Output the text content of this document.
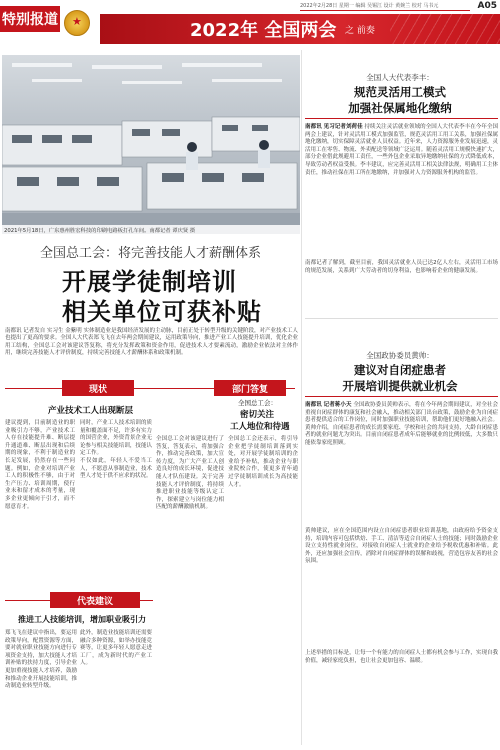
特别报道
2022年2月28日 星期一 编辑 吴锡江 设计 黄婉兰 校对 马书元	A05
2022年 全国两会 之 前奏
★
2021年5月18日，广东惠州胜宏科技的印刷电路板打孔车间。南都记者 谭庆贤 摄
全国总工会：将完善技能人才薪酬体系
开展学徒制培训
相关单位可获补贴
南都讯 记者发自 实习生 金紫明 实体制造业是我国经济发展的主动脉，目前正处于转型升级的关键阶段，对产业技术工人也提出了更高的要求。全国人大代表郑飞飞在去年两会期间建议，运用政策导向，推进产业工人技能提升培训，优化企业用工结构，全国总工会对该建议答复称，将充分发挥政策和资金作用，促进技术人才要素流动，激励企业依法对主体作用，继续完善技能人才评价制度，持续完善技能人才薪酬体系和政策机制。
现状	部门答复
产业技术工人出现断层
建议提到，目前制造业的职业吸引力不够，产业技术工人存在技能提升难、断层提升通道难、断层出现和后续期的现象，不利于制造业的长足发展，仍然存在一些问题。例如，企业对培训产业工人的积极性不够，由于对生产压力、培训周期，使行业未和留才成本的考量，现多企业更倾向于引才，而不愿意育才。
同时，产业工人技术培训的质量和覆盖面不足，许多有实力的国营企业，外资背景企业无论参与相关技能培训，技能认定工作。
不仅如此，年轻人不爱当工人，不愿意从事制造业，技术型人才处于供不应求的状况。
全国总工会：
密切关注
工人地位和待遇
全国总工会对该建议进行了答复，答复表示，将加强合作，推动完善政策，加大宣传力度，为广大产业工人创造良好的成长环境，促进技能人才队伍建设。关于完善技能人才评价制度，将持续推进职业技能等级认定工作，探索建立与岗位能力相匹配的薪酬激励机制。
全国总工会还表示，将引导企业把学徒制培训落到实处，对开展学徒制培训的企业给予补贴，推动企业与职业院校合作，使更多青年通过学徒制培训成长为高技能人才。
代表建议
推进工人技能培训，增加职业吸引力
郑飞飞在建议中指出，要运用政策导向，配置资源等方面，要对就业职业技能方向进行专项资金支持，加大技能人才培训补贴的扶持力度，引导企业更加重视技能人才培养，鼓励和推动企业开展技能培训，推动制造业转型升级。
此外，制造业技能培训还需要融合多种资源，如举办技能竞赛等，让更多年轻人愿意走进工厂，成为新时代的产业工人。
全国人大代表李丰：
规范灵活用工模式
加强社保属地化缴纳
南都讯 见习记者刘荷佳 持续关注灵活就业领域的全国人大代表李丰在今年全国两会上建议，针对灵活用工模式加强监管，规范灵活用工用工关系，加强社保属地化缴纳，切实保障灵活就业人员权益。近年来，人力资源服务业发展迅速，灵活用工在零售、物流、外卖配送等领域广泛运用。随着灵活用工规模快速扩大，部分企业借此规避用工责任，一些外包企业采取异地缴纳社保的方式降低成本，导致劳动者权益受损。李丰建议，应完善灵活用工相关法律法规，明确用工主体责任，推动社保在用工所在地缴纳，并加强对人力资源服务机构的监管。
南都记者了解到，截至目前，我国灵活就业人员已达2亿人左右，灵活用工市场的规范发展，关系到广大劳动者的切身利益，也影响着企业的健康发展。
全国政协委员黄帅：
建议对自闭症患者
开展培训提供就业机会
南都讯 记者蒋小天 全国政协委员黄帅表示，将在今年两会期间建议，对全社会重视自闭症群体的康复和社会融入，推动相关部门出台政策，鼓励企业为自闭症患者提供适合的工作岗位，同时加强职业技能培训，帮助他们更好地融入社会。黄帅介绍，自闭症患者的成长需要家庭、学校和社会的共同支持，大龄自闭症患者的就业问题尤为突出。目前自闭症患者成年后能够就业的比例较低，大多数只能依靠家庭照顾。
黄帅建议，应在全国范围内设立自闭症患者职业培训基地，由政府给予资金支持，培训内容可包括烘焙、手工、清洁等适合自闭症人士的技能；同时鼓励企业设立支持性就业岗位，对接收自闭症人士就业的企业给予税收优惠和补贴。此外，还应加强社会宣传，消除对自闭症群体的误解和歧视，营造包容友善的社会氛围。
上述举措的目标是，让每一个有能力的自闭症人士都有机会参与工作，实现自我价值，减轻家庭负担，也让社会更加包容、温暖。
